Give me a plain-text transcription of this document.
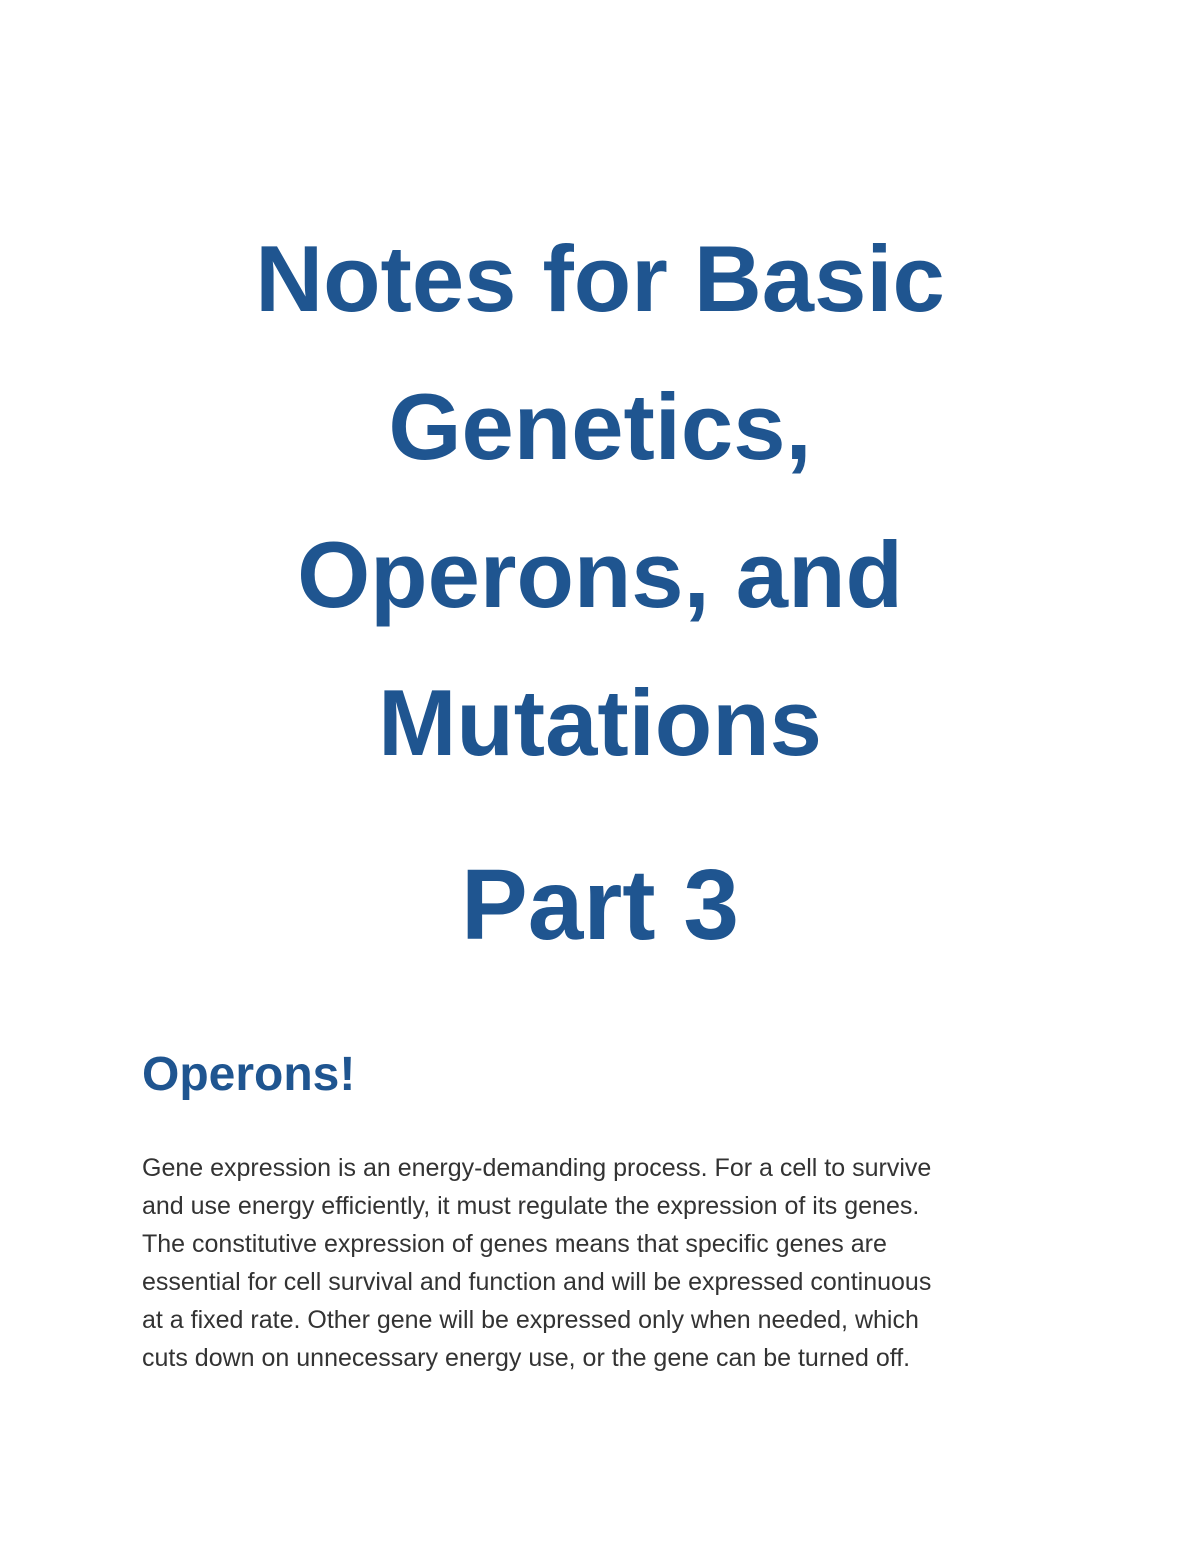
Notes for Basic
Genetics,
Operons, and
Mutations
Part 3
Operons!

Gene expression is an energy-demanding process. For a cell to survive
and use energy efficiently, it must regulate the expression of its genes.
The constitutive expression of genes means that specific genes are
essential for cell survival and function and will be expressed continuous
at a fixed rate. Other gene will be expressed only when needed, which
cuts down on unnecessary energy use, or the gene can be turned off.
